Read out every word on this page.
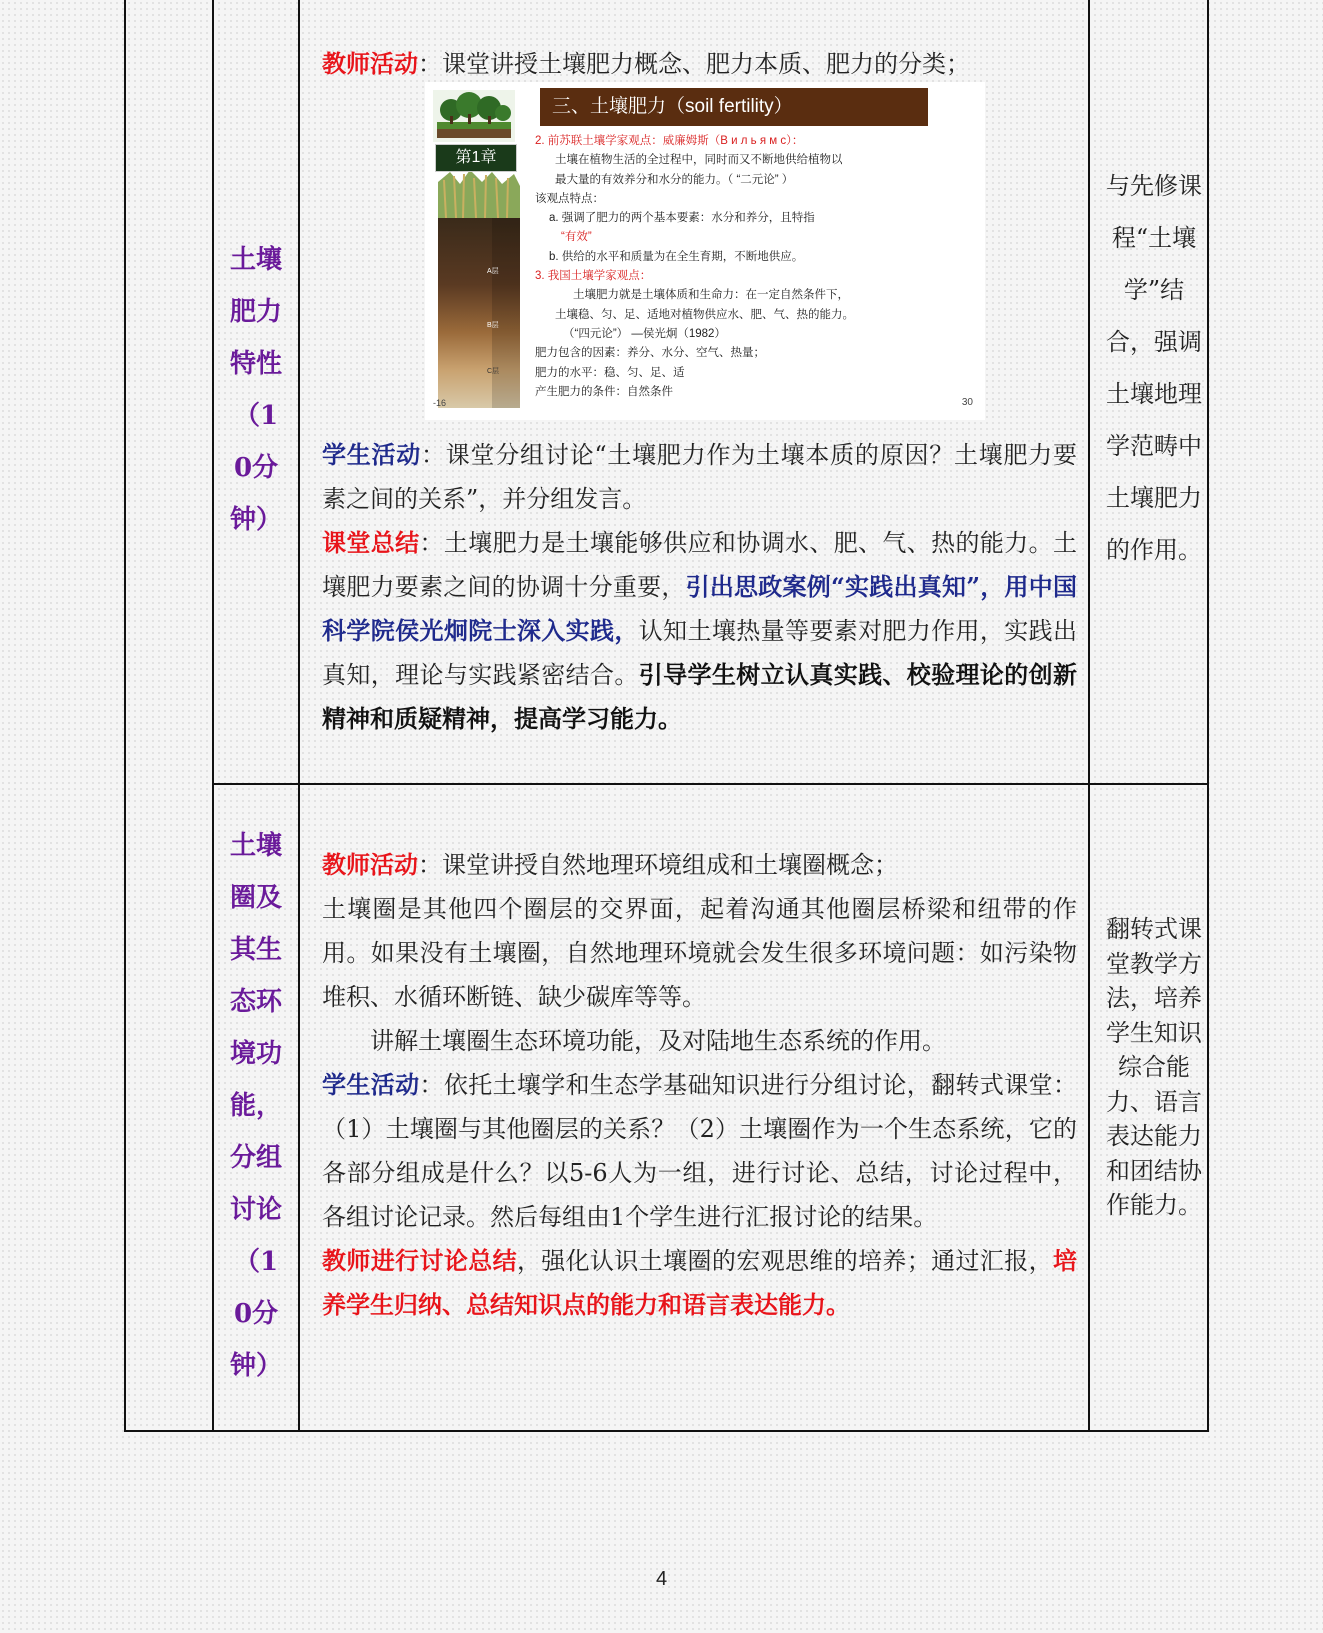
土壤肥力特性（10分钟）

教师活动：课堂讲授土壤肥力概念、肥力本质、肥力的分类；

学生活动：课堂分组讨论“土壤肥力作为土壤本质的原因？土壤肥力要素之间的关系”，并分组发言。

课堂总结：土壤肥力是土壤能够供应和协调水、肥、气、热的能力。土壤肥力要素之间的协调十分重要，引出思政案例“实践出真知”，用中国科学院侯光炯院士深入实践，认知土壤热量等要素对肥力作用，实践出真知，理论与实践紧密结合。引导学生树立认真实践、校验理论的创新精神和质疑精神，提高学习能力。

与先修课程“土壤学”结合，强调土壤地理学范畴中土壤肥力的作用。
土壤圈及其生态环境功能，分组讨论（10分钟）

教师活动：课堂讲授自然地理环境组成和土壤圈概念；

土壤圈是其他四个圈层的交界面，起着沟通其他圈层桥梁和纽带的作用。如果没有土壤圈，自然地理环境就会发生很多环境问题：如污染物堆积、水循环断链、缺少碳库等等。

讲解土壤圈生态环境功能，及对陆地生态系统的作用。

学生活动：依托土壤学和生态学基础知识进行分组讨论，翻转式课堂：（1）土壤圈与其他圈层的关系？（2）土壤圈作为一个生态系统，它的各部分组成是什么？以5-6人为一组，进行讨论、总结，讨论过程中，各组讨论记录。然后每组由1个学生进行汇报讨论的结果。

教师进行讨论总结，强化认识土壤圈的宏观思维的培养；通过汇报，培养学生归纳、总结知识点的能力和语言表达能力。

翻转式课堂教学方法，培养学生知识综合能力、语言表达能力和团结协作能力。
第1章
A层
B层
C层
三、土壤肥力（soil fertility）
2. 前苏联土壤学家观点：威廉姆斯（В и л ь я м с）：
土壤在植物生活的全过程中，同时而又不断地供给植物以
最大量的有效养分和水分的能力。（ “二元论” ）
该观点特点：
a. 强调了肥力的两个基本要素：水分和养分，且特指
“有效”
b. 供给的水平和质量为在全生育期，不断地供应。
3. 我国土壤学家观点：
土壤肥力就是土壤体质和生命力：在一定自然条件下，
土壤稳、匀、足、适地对植物供应水、肥、气、热的能力。
（“四元论”） —侯光炯（1982）
肥力包含的因素：养分、水分、空气、热量；
肥力的水平：稳、匀、足、适
产生肥力的条件：自然条件
-16	30
4
